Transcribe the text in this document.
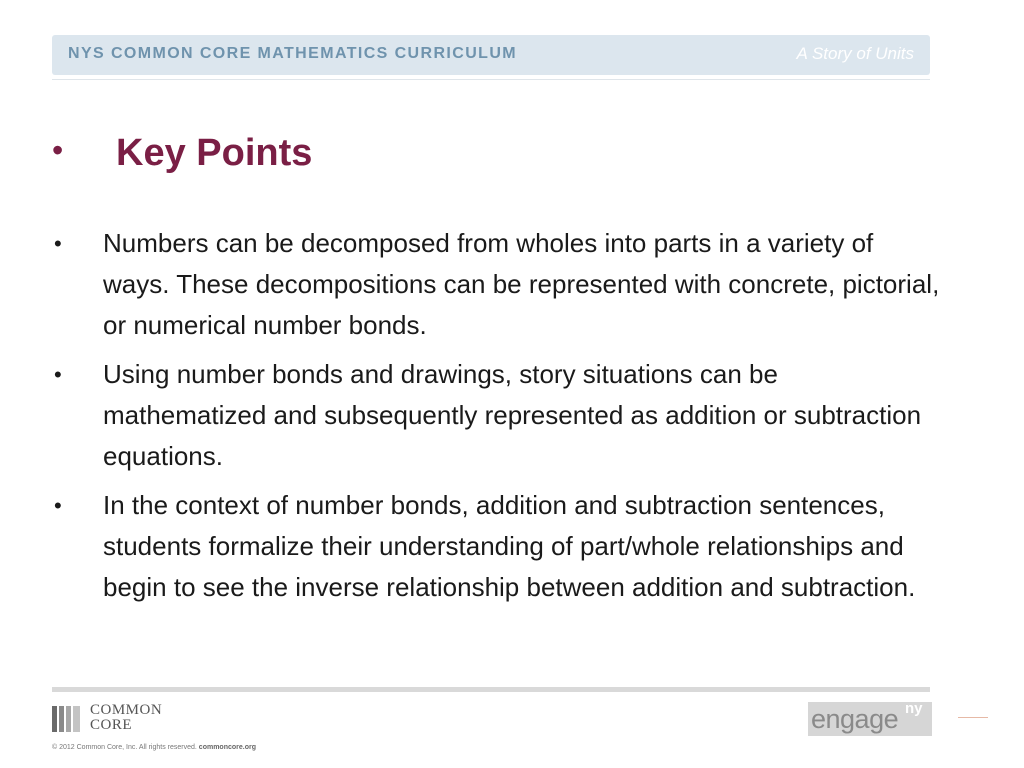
NYS COMMON CORE MATHEMATICS CURRICULUM	A Story of Units
• Key Points
• Numbers can be decomposed from wholes into parts in a variety of ways. These decompositions can be represented with concrete, pictorial, or numerical number bonds.
• Using number bonds and drawings, story situations can be mathematized and subsequently represented as addition or subtraction equations.
• In the context of number bonds, addition and subtraction sentences, students formalize their understanding of part/whole relationships and begin to see the inverse relationship between addition and subtraction.
COMMON
CORE
© 2012 Common Core, Inc. All rights reserved. commoncore.org
engage ny
